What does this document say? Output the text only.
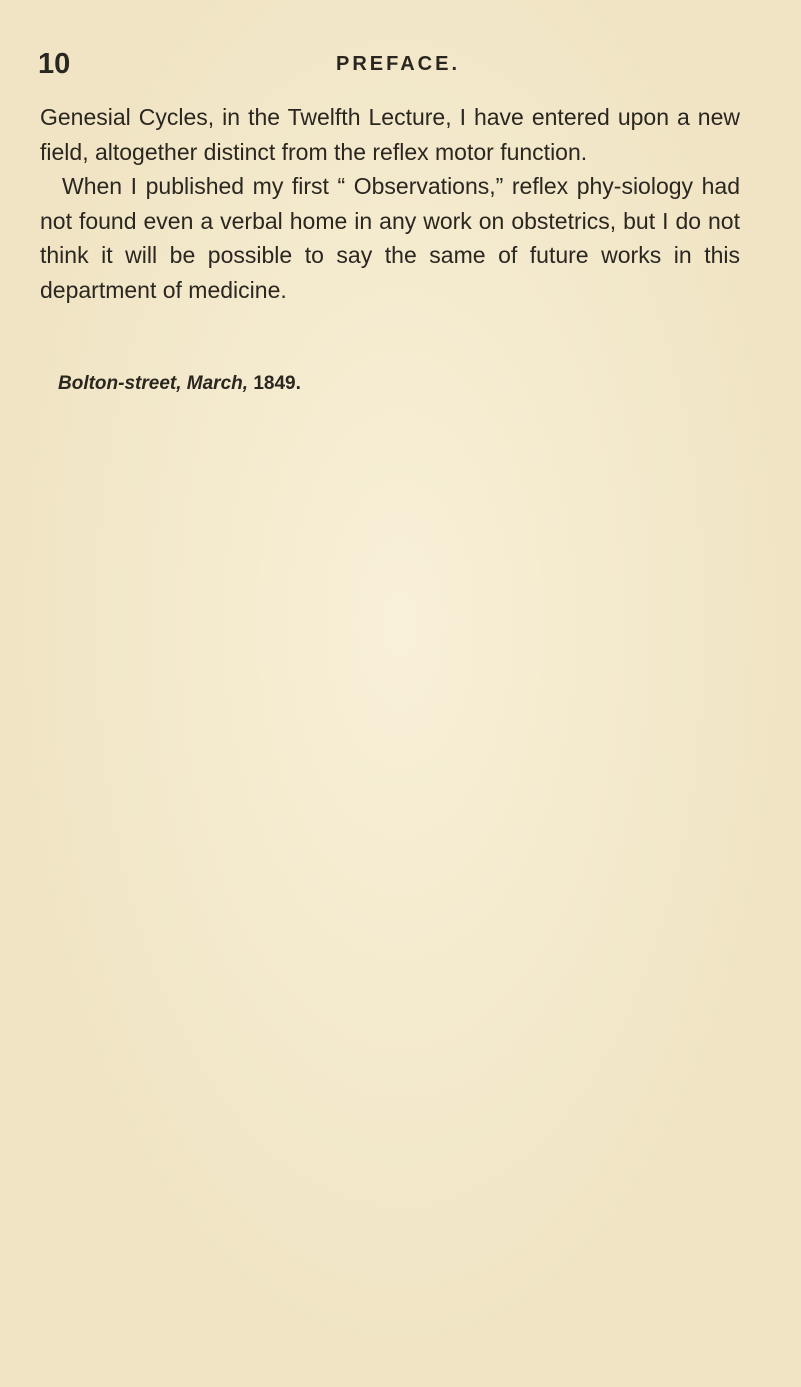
10	PREFACE.

Genesial Cycles, in the Twelfth Lecture, I have entered upon a new field, altogether distinct from the reflex motor function.

When I published my first “ Observations,” reflex phy-siology had not found even a verbal home in any work on obstetrics, but I do not think it will be possible to say the same of future works in this department of medicine.

Bolton-street, March, 1849.
